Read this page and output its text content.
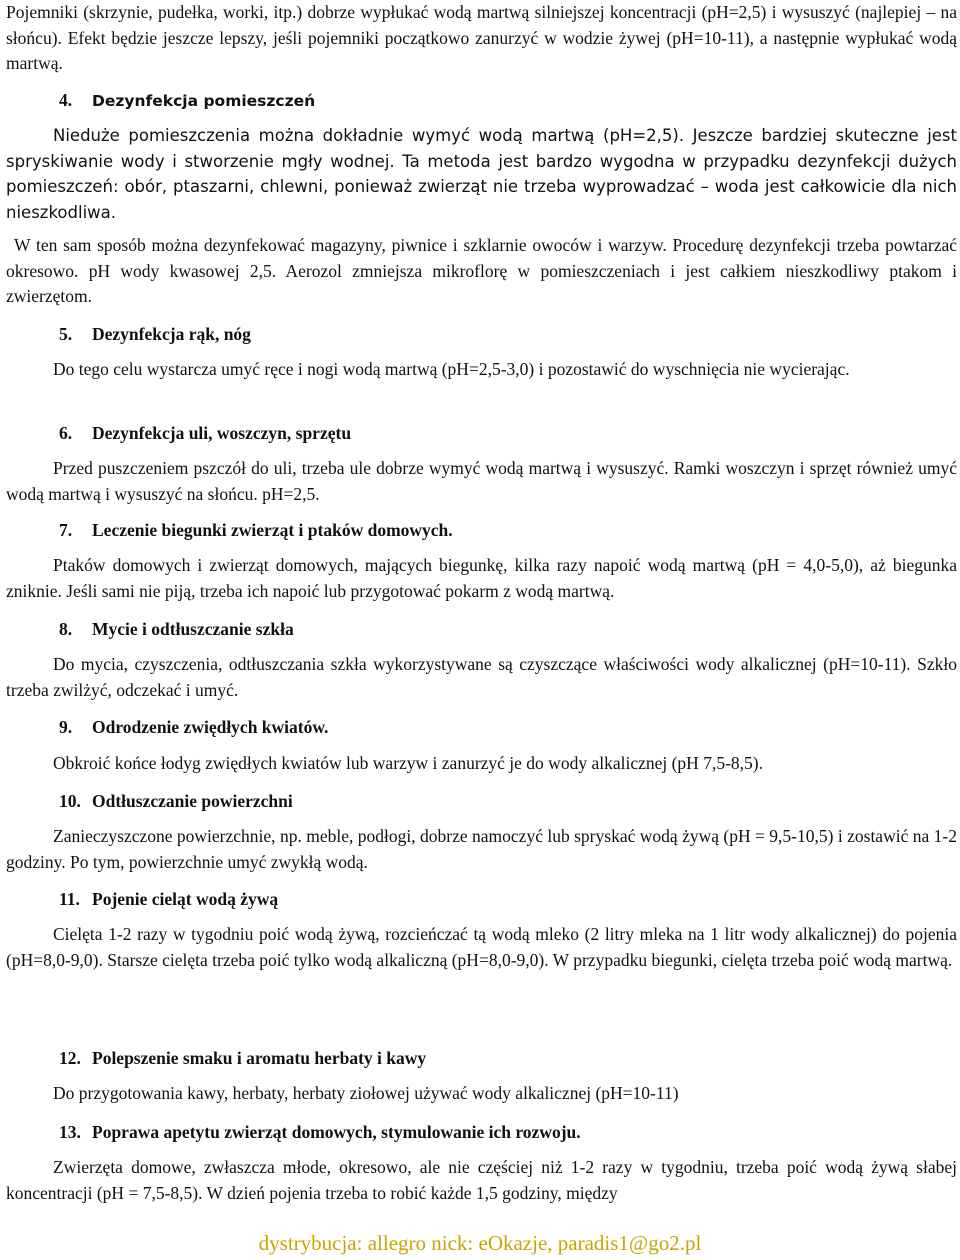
Pojemniki (skrzynie, pudełka, worki, itp.) dobrze wypłukać wodą martwą silniejszej koncentracji (pH=2,5) i wysuszyć (najlepiej – na słońcu). Efekt będzie jeszcze lepszy, jeśli pojemniki początkowo zanurzyć w wodzie żywej (pH=10-11), a następnie wypłukać wodą martwą.

4. Dezynfekcja pomieszczeń

Nieduże pomieszczenia można dokładnie wymyć wodą martwą (pH=2,5). Jeszcze bardziej skuteczne jest spryskiwanie wody i stworzenie mgły wodnej. Ta metoda jest bardzo wygodna w przypadku dezynfekcji dużych pomieszczeń: obór, ptaszarni, chlewni, ponieważ zwierząt nie trzeba wyprowadzać – woda jest całkowicie dla nich nieszkodliwa.

W ten sam sposób można dezynfekować magazyny, piwnice i szklarnie owoców i warzyw. Procedurę dezynfekcji trzeba powtarzać okresowo. pH wody kwasowej 2,5. Aerozol zmniejsza mikroflorę w pomieszczeniach i jest całkiem nieszkodliwy ptakom i zwierzętom.

5. Dezynfekcja rąk, nóg

Do tego celu wystarcza umyć ręce i nogi wodą martwą (pH=2,5-3,0) i pozostawić do wyschnięcia nie wycierając.

6. Dezynfekcja uli, woszczyn, sprzętu

Przed puszczeniem pszczół do uli, trzeba ule dobrze wymyć wodą martwą i wysuszyć. Ramki woszczyn i sprzęt również umyć wodą martwą i wysuszyć na słońcu. pH=2,5.

7. Leczenie biegunki zwierząt i ptaków domowych.

Ptaków domowych i zwierząt domowych, mających biegunkę, kilka razy napoić wodą martwą (pH = 4,0-5,0), aż biegunka zniknie. Jeśli sami nie piją, trzeba ich napoić lub przygotować pokarm z wodą martwą.

8. Mycie i odtłuszczanie szkła

Do mycia, czyszczenia, odtłuszczania szkła wykorzystywane są czyszczące właściwości wody alkalicznej (pH=10-11). Szkło trzeba zwilżyć, odczekać i umyć.

9. Odrodzenie zwiędłych kwiatów.

Obkroić końce łodyg zwiędłych kwiatów lub warzyw i zanurzyć je do wody alkalicznej (pH 7,5-8,5).

10. Odtłuszczanie powierzchni

Zanieczyszczone powierzchnie, np. meble, podłogi, dobrze namoczyć lub spryskać wodą żywą (pH = 9,5-10,5) i zostawić na 1-2 godziny. Po tym, powierzchnie umyć zwykłą wodą.

11. Pojenie cieląt wodą żywą

Cielęta 1-2 razy w tygodniu poić wodą żywą, rozcieńczać tą wodą mleko (2 litry mleka na 1 litr wody alkalicznej) do pojenia (pH=8,0-9,0). Starsze cielęta trzeba poić tylko wodą alkaliczną (pH=8,0-9,0). W przypadku biegunki, cielęta trzeba poić wodą martwą.

12. Polepszenie smaku i aromatu herbaty i kawy

Do przygotowania kawy, herbaty, herbaty ziołowej używać wody alkalicznej (pH=10-11)

13. Poprawa apetytu zwierząt domowych, stymulowanie ich rozwoju.

Zwierzęta domowe, zwłaszcza młode, okresowo, ale nie częściej niż 1-2 razy w tygodniu, trzeba poić wodą żywą słabej koncentracji (pH = 7,5-8,5). W dzień pojenia trzeba to robić każde 1,5 godziny, między

dystrybucja: allegro nick: eOkazje, paradis1@go2.pl
